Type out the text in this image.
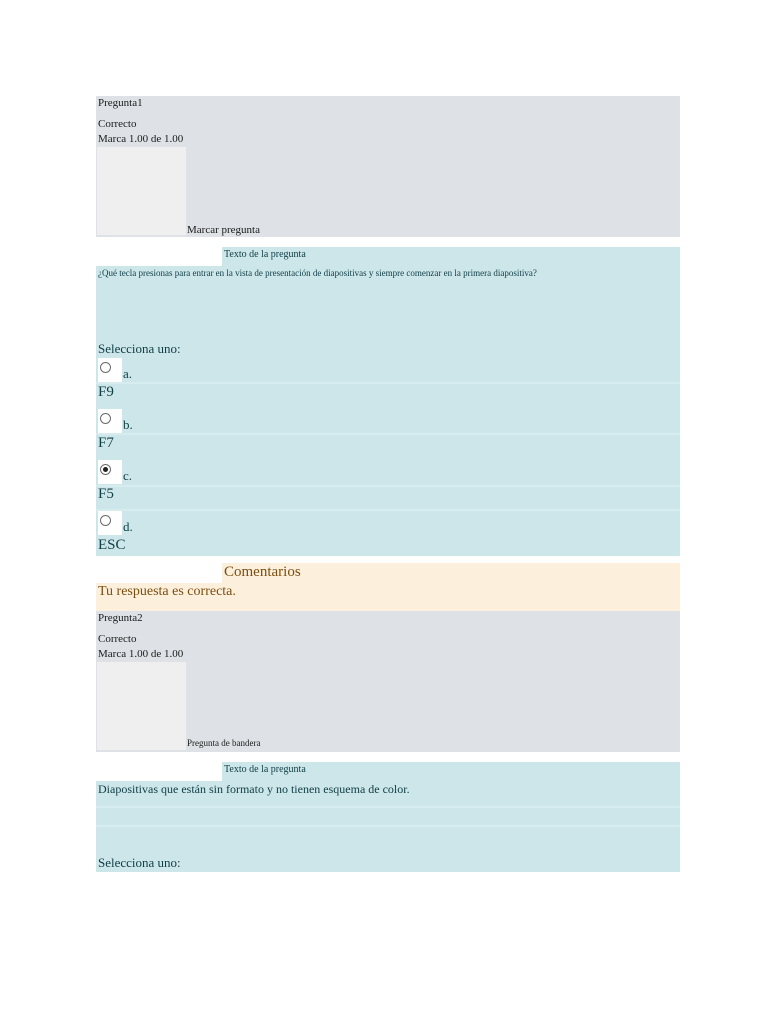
Pregunta1
Correcto
Marca 1.00 de 1.00
Marcar pregunta
Texto de la pregunta
¿Qué tecla presionas para entrar en la vista de presentación de diapositivas y siempre comenzar en la primera diapositiva?
Selecciona uno:
a.
F9
b.
F7
c.
F5
d.
ESC
Comentarios
Tu respuesta es correcta.
Pregunta2
Correcto
Marca 1.00 de 1.00
Pregunta de bandera
Texto de la pregunta
Diapositivas que están sin formato y no tienen esquema de color.
Selecciona uno:
